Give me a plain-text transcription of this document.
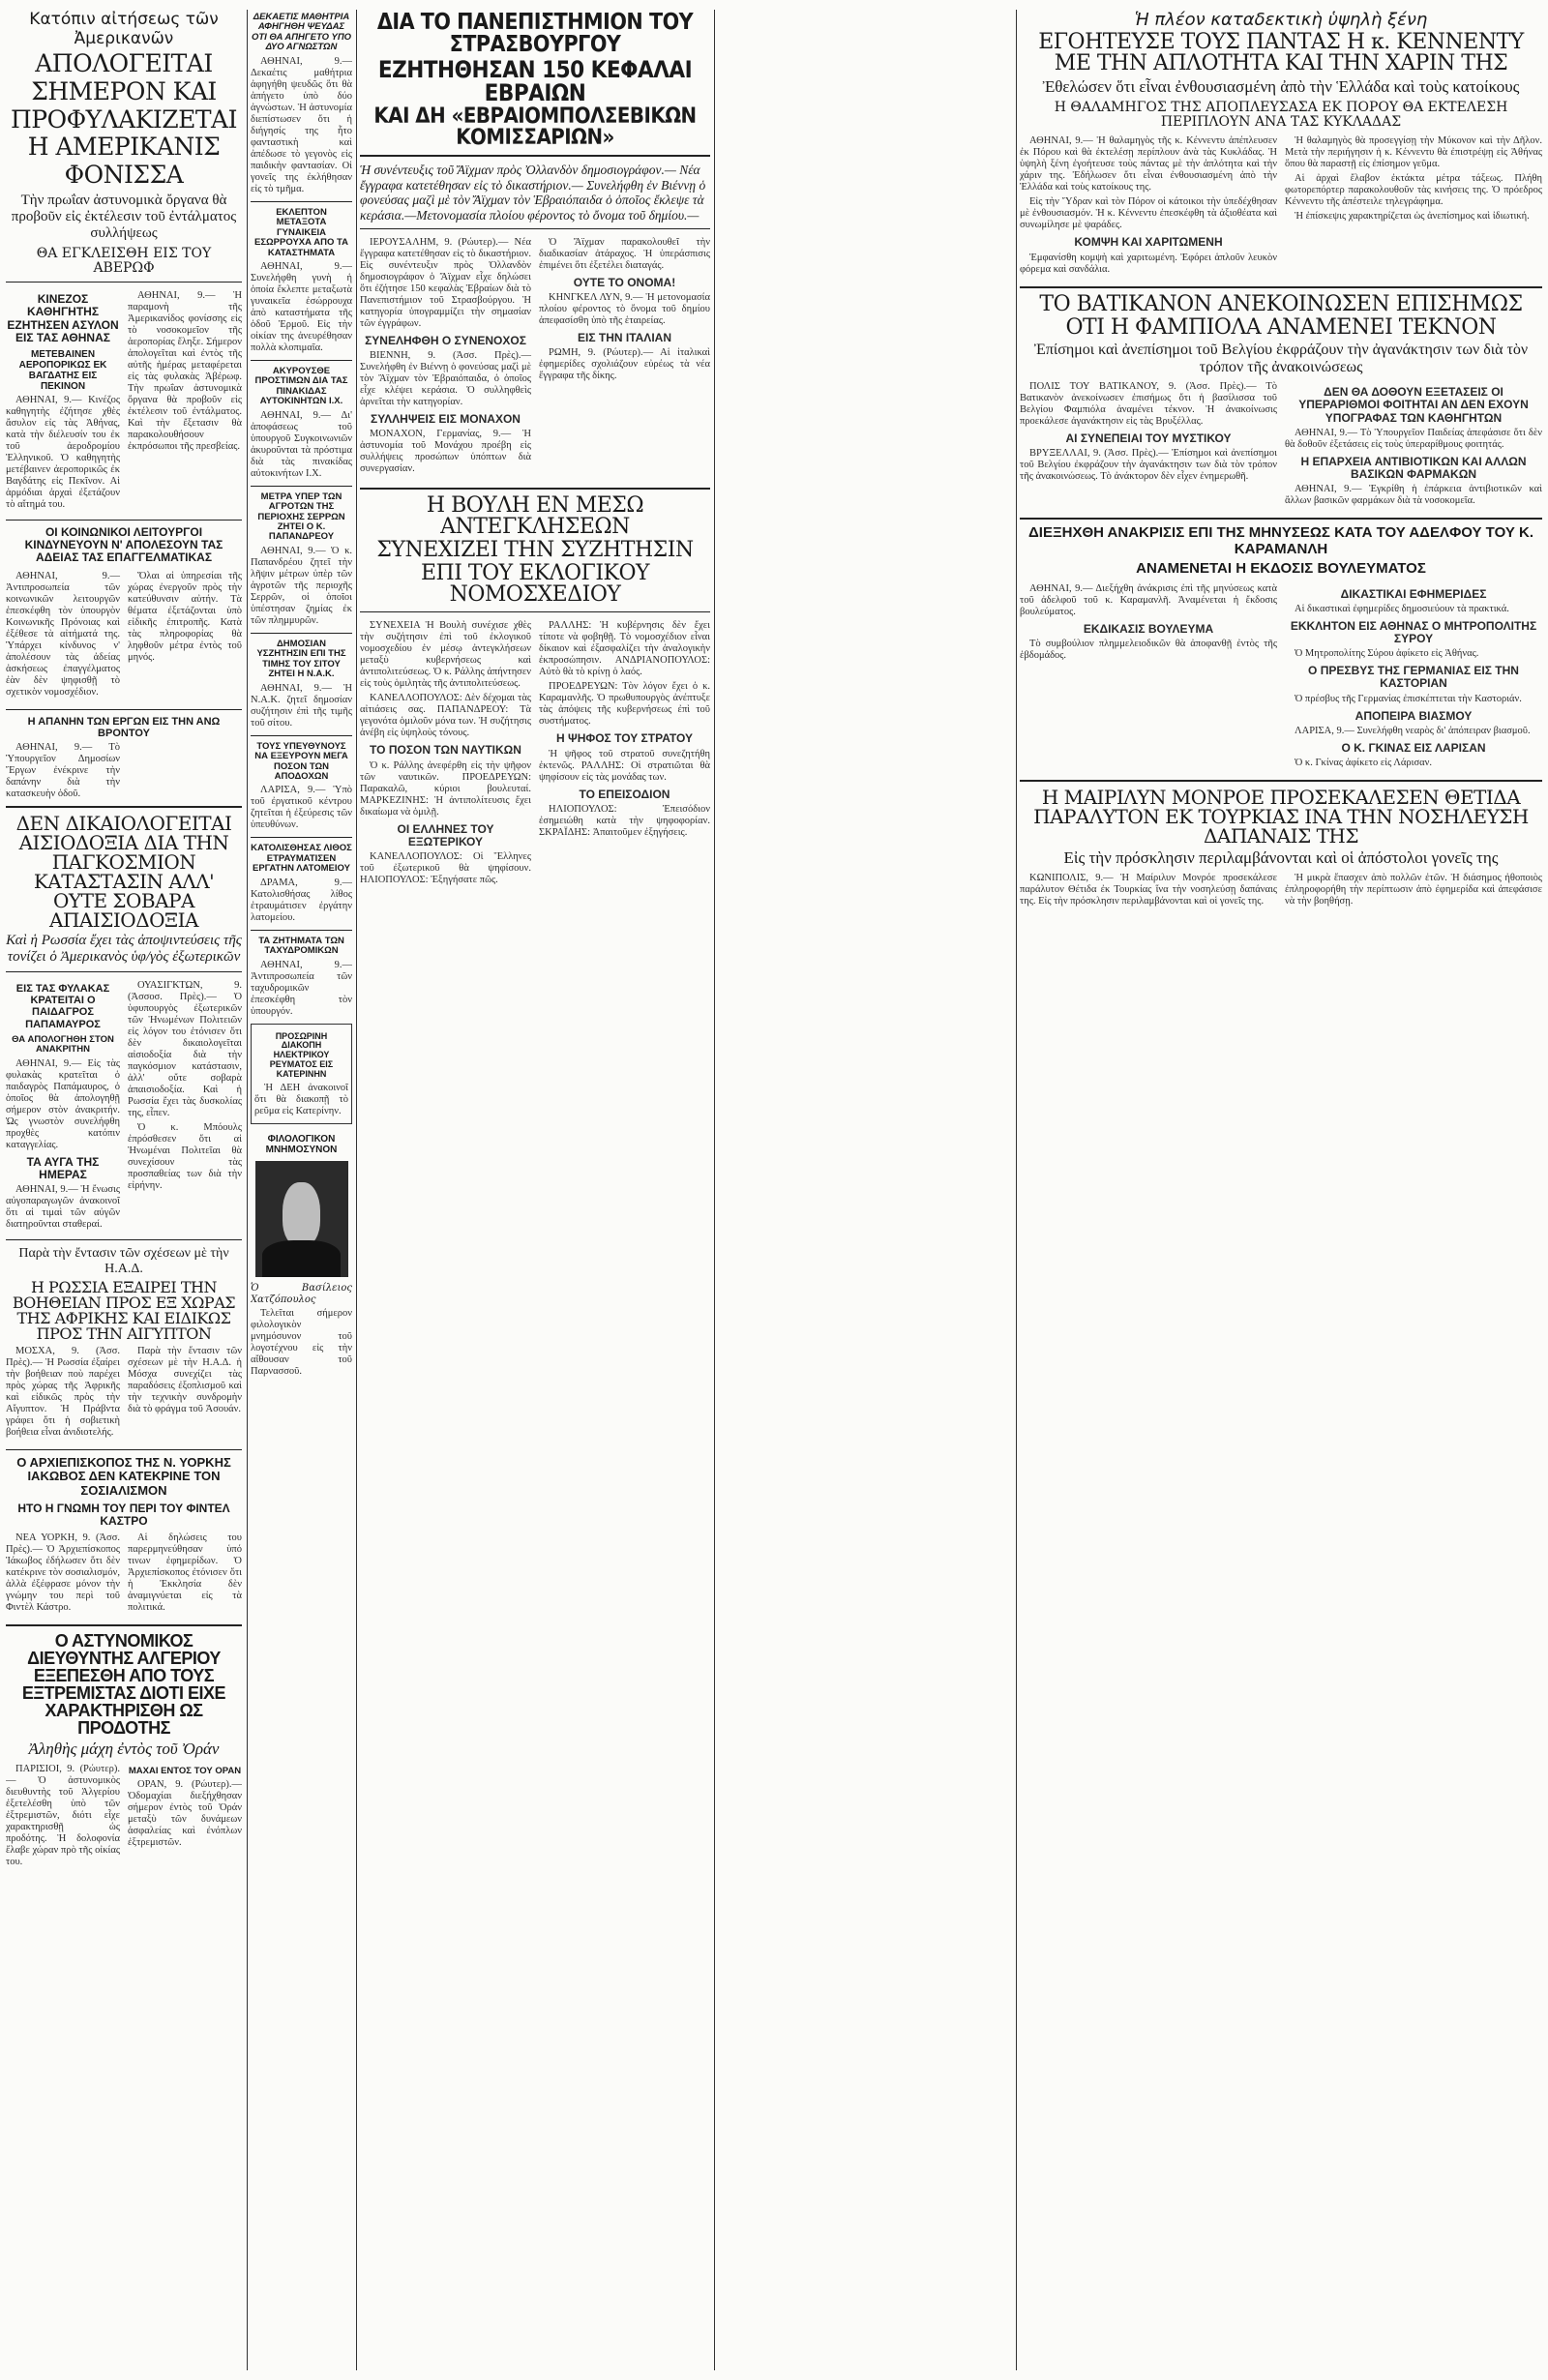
Κατόπιν αἰτήσεως τῶν Ἀμερικανῶν
ΑΠΟΛΟΓΕΙΤΑΙ ΣΗΜΕΡΟΝ ΚΑΙ ΠΡΟΦΥΛΑΚΙΖΕΤΑΙ Η ΑΜΕΡΙΚΑΝΙΣ ΦΟΝΙΣΣΑ
Τὴν πρωΐαν ἀστυνομικὰ ὄργανα θὰ προβοῦν εἰς ἐκτέλεσιν τοῦ ἐντάλματος συλλήψεως
ΘΑ ΕΓΚΛΕΙΣΘΗ ΕΙΣ ΤΟΥ ΑΒΕΡΩΦ
ΚΙΝΕΖΟΣ ΚΑΘΗΓΗΤΗΣ ΕΖΗΤΗΣΕΝ ΑΣΥΛΟΝ ΕΙΣ ΤΑΣ ΑΘΗΝΑΣ
ΜΕΤΕΒΑΙΝΕΝ ΑΕΡΟΠΟΡΙΚΩΣ ΕΚ ΒΑΓΔΑΤΗΣ ΕΙΣ ΠΕΚΙΝΟΝ

ΑΘΗΝΑΙ, 9.— Κινέζος καθηγητὴς ἐζήτησε χθὲς ἄσυλον εἰς τὰς Ἀθήνας, κατὰ τὴν διέλευσίν του ἐκ τοῦ ἀεροδρομίου Ἑλληνικοῦ. Ὁ καθηγητὴς μετέβαινεν ἀεροπορικῶς ἐκ Βαγδάτης εἰς Πεκῖνον. Αἱ ἁρμόδιαι ἀρχαὶ ἐξετάζουν τὸ αἴτημά του.

ΑΘΗΝΑΙ, 9.— Ἡ παραμονὴ τῆς Ἀμερικανίδος φονίσσης εἰς τὸ νοσοκομεῖον τῆς ἀεροπορίας ἔληξε. Σήμερον ἀπολογεῖται καὶ ἐντὸς τῆς αὐτῆς ἡμέρας μεταφέρεται εἰς τὰς φυλακὰς Ἀβέρωφ. Τὴν πρωΐαν ἀστυνομικὰ ὄργανα θὰ προβοῦν εἰς ἐκτέλεσιν τοῦ ἐντάλματος. Καὶ τὴν ἔξετασιν θὰ παρακολουθήσουν ἐκπρόσωποι τῆς πρεσβείας.

ΟΙ ΚΟΙΝΩΝΙΚΟΙ ΛΕΙΤΟΥΡΓΟΙ ΚΙΝΔΥΝΕΥΟΥΝ Ν' ΑΠΟΛΕΣΟΥΝ ΤΑΣ ΑΔΕΙΑΣ ΤΑΣ ΕΠΑΓΓΕΛΜΑΤΙΚΑΣ

ΑΘΗΝΑΙ, 9.— Ἀντιπροσωπεία τῶν κοινωνικῶν λειτουργῶν ἐπεσκέφθη τὸν ὑπουργὸν Κοινωνικῆς Πρόνοιας καὶ ἐξέθεσε τὰ αἰτήματά της. Ὑπάρχει κίνδυνος ν' ἀπολέσουν τὰς ἀδείας ἀσκήσεως ἐπαγγέλματος ἐὰν δὲν ψηφισθῇ τὸ σχετικὸν νομοσχέδιον.

Ὅλαι αἱ ὑπηρεσίαι τῆς χώρας ἐνεργοῦν πρὸς τὴν κατεύθυνσιν αὐτήν. Τὰ θέματα ἐξετάζονται ὑπὸ εἰδικῆς ἐπιτροπῆς. Κατὰ τὰς πληροφορίας θὰ ληφθοῦν μέτρα ἐντὸς τοῦ μηνός.

Η ΑΠΑΝΗΝ ΤΩΝ ΕΡΓΩΝ ΕΙΣ ΤΗΝ ΑΝΩ ΒΡΟΝΤΟΥ

ΑΘΗΝΑΙ, 9.— Τὸ Ὑπουργεῖον Δημοσίων Ἔργων ἐνέκρινε τὴν δαπάνην διὰ τὴν κατασκευὴν ὁδοῦ.

ΔΕΝ ΔΙΚΑΙΟΛΟΓΕΙΤΑΙ ΑΙΣΙΟΔΟΞΙΑ ΔΙΑ ΤΗΝ ΠΑΓΚΟΣΜΙΟΝ ΚΑΤΑΣΤΑΣΙΝ ΑΛΛ' ΟΥΤΕ ΣΟΒΑΡΑ ΑΠΑΙΣΙΟΔΟΞΙΑ
Καὶ ἡ Ρωσσία ἔχει τὰς ἀποψιντεύσεις τῆς τονίζει ὁ Ἀμερικανὸς ὑφ/γὸς ἐξωτερικῶν
ΕΙΣ ΤΑΣ ΦΥΛΑΚΑΣ ΚΡΑΤΕΙΤΑΙ Ο ΠΑΙΔΑΓΡΟΣ ΠΑΠΑΜΑΥΡΟΣ
ΘΑ ΑΠΟΛΟΓΗΘΗ ΣΤΟΝ ΑΝΑΚΡΙΤΗΝ

ΑΘΗΝΑΙ, 9.— Εἰς τὰς φυλακὰς κρατεῖται ὁ παιδαγρὸς Παπάμαυρος, ὁ ὁποῖος θὰ ἀπολογηθῇ σήμερον στὸν ἀνακριτήν. Ὡς γνωστὸν συνελήφθη προχθὲς κατόπιν καταγγελίας.

ΤΑ ΑΥΓΑ ΤΗΣ ΗΜΕΡΑΣ

ΑΘΗΝΑΙ, 9.— Ἡ ἔνωσις αὐγοπαραγωγῶν ἀνακοινοῖ ὅτι αἱ τιμαὶ τῶν αὐγῶν διατηροῦνται σταθεραί.

ΟΥΑΣΙΓΚΤΩΝ, 9. (Ἀσσοσ. Πρὲς).— Ὁ ὑφυπουργὸς ἐξωτερικῶν τῶν Ἡνωμένων Πολιτειῶν εἰς λόγον του ἐτόνισεν ὅτι δὲν δικαιολογεῖται αἰσιοδοξία διὰ τὴν παγκόσμιον κατάστασιν, ἀλλ' οὔτε σοβαρὰ ἀπαισιοδοξία. Καὶ ἡ Ρωσσία ἔχει τὰς δυσκολίας της, εἶπεν.

Ὁ κ. Μπόουλς ἐπρόσθεσεν ὅτι αἱ Ἡνωμέναι Πολιτεῖαι θὰ συνεχίσουν τὰς προσπαθείας των διὰ τὴν εἰρήνην.

Παρὰ τὴν ἔντασιν τῶν σχέσεων μὲ τὴν Η.Α.Δ.
Η ΡΩΣΣΙΑ ΕΞΑΙΡΕΙ ΤΗΝ ΒΟΗΘΕΙΑΝ ΠΡΟΣ ΕΞ ΧΩΡΑΣ ΤΗΣ ΑΦΡΙΚΗΣ ΚΑΙ ΕΙΔΙΚΩΣ ΠΡΟΣ ΤΗΝ ΑΙΓΥΠΤΟΝ

ΜΟΣΧΑ, 9. (Ἀσσ. Πρὲς).— Ἡ Ρωσσία ἐξαίρει τὴν βοήθειαν ποὺ παρέχει πρὸς χώρας τῆς Ἀφρικῆς καὶ εἰδικῶς πρὸς τὴν Αἴγυπτον. Ἡ Πράβντα γράφει ὅτι ἡ σοβιετικὴ βοήθεια εἶναι ἀνιδιοτελής.

Παρὰ τὴν ἔντασιν τῶν σχέσεων μὲ τὴν Η.Α.Δ. ἡ Μόσχα συνεχίζει τὰς παραδόσεις ἐξοπλισμοῦ καὶ τὴν τεχνικὴν συνδρομὴν διὰ τὸ φράγμα τοῦ Ἀσουάν.

Ο ΑΡΧΙΕΠΙΣΚΟΠΟΣ ΤΗΣ Ν. ΥΟΡΚΗΣ ΙΑΚΩΒΟΣ ΔΕΝ ΚΑΤΕΚΡΙΝΕ ΤΟΝ ΣΟΣΙΑΛΙΣΜΟΝ
ΗΤΟ Η ΓΝΩΜΗ ΤΟΥ ΠΕΡΙ ΤΟΥ ΦΙΝΤΕΛ ΚΑΣΤΡΟ

ΝΕΑ ΥΟΡΚΗ, 9. (Ἀσσ. Πρὲς).— Ὁ Ἀρχιεπίσκοπος Ἰάκωβος ἐδήλωσεν ὅτι δὲν κατέκρινε τὸν σοσιαλισμόν, ἀλλὰ ἐξέφρασε μόνον τὴν γνώμην του περὶ τοῦ Φιντὲλ Κάστρο.

Αἱ δηλώσεις του παρερμηνεύθησαν ὑπό τινων ἐφημερίδων. Ὁ Ἀρχιεπίσκοπος ἐτόνισεν ὅτι ἡ Ἐκκλησία δὲν ἀναμιγνύεται εἰς τὰ πολιτικά.

Ο ΑΣΤΥΝΟΜΙΚΟΣ ΔΙΕΥΘΥΝΤΗΣ ΑΛΓΕΡΙΟΥ ΕΞΕΠΕΣΘΗ ΑΠΟ ΤΟΥΣ ΕΞΤΡΕΜΙΣΤΑΣ ΔΙΟΤΙ ΕΙΧΕ ΧΑΡΑΚΤΗΡΙΣΘΗ ΩΣ ΠΡΟΔΟΤΗΣ
Ἀληθὴς μάχη ἐντὸς τοῦ Ὀράν

ΠΑΡΙΣΙΟΙ, 9. (Ρώυτερ).— Ὁ ἀστυνομικὸς διευθυντὴς τοῦ Ἀλγερίου ἐξετελέσθη ὑπὸ τῶν ἐξτρεμιστῶν, διότι εἶχε χαρακτηρισθῇ ὡς προδότης. Ἡ δολοφονία ἔλαβε χώραν πρὸ τῆς οἰκίας του.

ΜΑΧΑΙ ΕΝΤΟΣ ΤΟΥ ΟΡΑΝ

ΟΡΑΝ, 9. (Ρώυτερ).— Ὁδομαχίαι διεξήχθησαν σήμερον ἐντὸς τοῦ Ὀράν μεταξὺ τῶν δυνάμεων ἀσφαλείας καὶ ἐνόπλων ἐξτρεμιστῶν.

ΔΕΚΑΕΤΙΣ ΜΑΘΗΤΡΙΑ ΑΦΗΓΗΘΗ ΨΕΥΔΑΣ ΟΤΙ ΘΑ ΑΠΗΓΕΤΟ ΥΠΟ ΔΥΟ ΑΓΝΩΣΤΩΝ

ΑΘΗΝΑΙ, 9.— Δεκαέτις μαθήτρια ἀφηγήθη ψευδῶς ὅτι θὰ ἀπήγετο ὑπὸ δύο ἀγνώστων. Ἡ ἀστυνομία διεπίστωσεν ὅτι ἡ διήγησίς της ἦτο φανταστικὴ καὶ ἀπέδωσε τὸ γεγονὸς εἰς παιδικὴν φαντασίαν. Οἱ γονεῖς της ἐκλήθησαν εἰς τὸ τμῆμα.

ΕΚΛΕΠΤΟΝ ΜΕΤΑΞΟΤΑ ΓΥΝΑΙΚΕΙΑ ΕΣΩΡΡΟΥΧΑ ΑΠΟ ΤΑ ΚΑΤΑΣΤΗΜΑΤΑ

ΑΘΗΝΑΙ, 9.— Συνελήφθη γυνὴ ἡ ὁποία ἔκλεπτε μεταξωτὰ γυναικεῖα ἐσώρρουχα ἀπὸ καταστήματα τῆς ὁδοῦ Ἑρμοῦ. Εἰς τὴν οἰκίαν της ἀνευρέθησαν πολλὰ κλοπιμαῖα.

ΑΚΥΡΟΥΣΘΕ ΠΡΟΣΤΙΜΩΝ ΔΙΑ ΤΑΣ ΠΙΝΑΚΙΔΑΣ ΑΥΤΟΚΙΝΗΤΩΝ Ι.Χ.

ΑΘΗΝΑΙ, 9.— Δι' ἀποφάσεως τοῦ ὑπουργοῦ Συγκοινωνιῶν ἀκυροῦνται τὰ πρόστιμα διὰ τὰς πινακίδας αὐτοκινήτων Ι.Χ.

ΜΕΤΡΑ ΥΠΕΡ ΤΩΝ ΑΓΡΟΤΩΝ ΤΗΣ ΠΕΡΙΟΧΗΣ ΣΕΡΡΩΝ ΖΗΤΕΙ Ο Κ. ΠΑΠΑΝΔΡΕΟΥ

ΑΘΗΝΑΙ, 9.— Ὁ κ. Παπανδρέου ζητεῖ τὴν λῆψιν μέτρων ὑπὲρ τῶν ἀγροτῶν τῆς περιοχῆς Σερρῶν, οἱ ὁποῖοι ὑπέστησαν ζημίας ἐκ τῶν πλημμυρῶν.

ΔΗΜΟΣΙΑΝ ΥΣΖΗΤΗΣΙΝ ΕΠΙ ΤΗΣ ΤΙΜΗΣ ΤΟΥ ΣΙΤΟΥ ΖΗΤΕΙ Η Ν.Α.Κ.

ΑΘΗΝΑΙ, 9.— Ἡ Ν.Α.Κ. ζητεῖ δημοσίαν συζήτησιν ἐπὶ τῆς τιμῆς τοῦ σίτου.

ΤΟΥΣ ΥΠΕΥΘΥΝΟΥΣ ΝΑ ΕΞΕΥΡΟΥΝ ΜΕΓΑ ΠΟΣΟΝ ΤΩΝ ΑΠΟΔΟΧΩΝ

ΛΑΡΙΣΑ, 9.— Ὑπὸ τοῦ ἐργατικοῦ κέντρου ζητεῖται ἡ ἐξεύρεσις τῶν ὑπευθύνων.

ΚΑΤΟΛΙΣΘΗΣΑΣ ΛΙΘΟΣ ΕΤΡΑΥΜΑΤΙΣΕΝ ΕΡΓΑΤΗΝ ΛΑΤΟΜΕΙΟΥ

ΔΡΑΜΑ, 9.— Κατολισθήσας λίθος ἐτραυμάτισεν ἐργάτην λατομείου.

ΤΑ ΖΗΤΗΜΑΤΑ ΤΩΝ ΤΑΧΥΔΡΟΜΙΚΩΝ

ΑΘΗΝΑΙ, 9.— Ἀντιπροσωπεία τῶν ταχυδρομικῶν ἐπεσκέφθη τὸν ὑπουργόν.

ΠΡΟΣΩΡΙΝΗ ΔΙΑΚΟΠΗ ΗΛΕΚΤΡΙΚΟΥ ΡΕΥΜΑΤΟΣ ΕΙΣ ΚΑΤΕΡΙΝΗΝ

Ἡ ΔΕΗ ἀνακοινοῖ ὅτι θὰ διακοπῇ τὸ ρεῦμα εἰς Κατερίνην.

ΦΙΛΟΛΟΓΙΚΟΝ ΜΝΗΜΟΣΥΝΟΝ
Ὁ Βασίλειος Χατζόπουλος

Τελεῖται σήμερον φιλολογικὸν μνημόσυνον τοῦ λογοτέχνου εἰς τὴν αἴθουσαν τοῦ Παρνασσοῦ.

ΔΙΑ ΤΟ ΠΑΝΕΠΙΣΤΗΜΙΟΝ ΤΟΥ ΣΤΡΑΣΒΟΥΡΓΟΥ
ΕΖΗΤΗΘΗΣΑΝ 150 ΚΕΦΑΛΑΙ ΕΒΡΑΙΩΝ
ΚΑΙ ΔΗ «ΕΒΡΑΙΟΜΠΟΛΣΕΒΙΚΩΝ ΚΟΜΙΣΣΑΡΙΩΝ»
Ἡ συνέντευξις τοῦ Ἄϊχμαν πρὸς Ὀλλανδὸν δημοσιογράφον.— Νέα ἔγγραφα κατετέθησαν εἰς τὸ δικαστήριον.— Συνελήφθη ἐν Βιέννῃ ὁ φονεύσας μαζὶ μὲ τὸν Ἄϊχμαν τὸν Ἑβραιόπαιδα ὁ ὁποῖος ἔκλεψε τὰ κεράσια.—Μετονομασία πλοίου φέροντος τὸ ὄνομα τοῦ δημίου.—

ΙΕΡΟΥΣΑΛΗΜ, 9. (Ρώυτερ).— Νέα ἔγγραφα κατετέθησαν εἰς τὸ δικαστήριον. Εἰς συνέντευξιν πρὸς Ὀλλανδὸν δημοσιογράφον ὁ Ἄϊχμαν εἶχε δηλώσει ὅτι ἐζήτησε 150 κεφαλὰς Ἑβραίων διὰ τὸ Πανεπιστήμιον τοῦ Στρασβούργου. Ἡ κατηγορία ὑπογραμμίζει τὴν σημασίαν τῶν ἐγγράφων.

ΣΥΝΕΛΗΦΘΗ Ο ΣΥΝΕΝΟΧΟΣ

ΒΙΕΝΝΗ, 9. (Ἀσσ. Πρὲς).— Συνελήφθη ἐν Βιέννῃ ὁ φονεύσας μαζὶ μὲ τὸν Ἄϊχμαν τὸν Ἑβραιόπαιδα, ὁ ὁποῖος εἶχε κλέψει κεράσια. Ὁ συλληφθεὶς ἀρνεῖται τὴν κατηγορίαν.

ΣΥΛΛΗΨΕΙΣ ΕΙΣ ΜΟΝΑΧΟΝ

ΜΟΝΑΧΟΝ, Γερμανίας, 9.— Ἡ ἀστυνομία τοῦ Μονάχου προέβη εἰς συλλήψεις προσώπων ὑπόπτων διὰ συνεργασίαν.

Ὁ Ἄϊχμαν παρακολουθεῖ τὴν διαδικασίαν ἀτάραχος. Ἡ ὑπεράσπισις ἐπιμένει ὅτι ἐξετέλει διαταγάς.

ΟΥΤΕ ΤΟ ΟΝΟΜΑ!

ΚΗΝΓΚΕΛ ΛΥΝ, 9.— Ἡ μετονομασία πλοίου φέροντος τὸ ὄνομα τοῦ δημίου ἀπεφασίσθη ὑπὸ τῆς ἑταιρείας.

ΕΙΣ ΤΗΝ ΙΤΑΛΙΑΝ

ΡΩΜΗ, 9. (Ρώυτερ).— Αἱ ἰταλικαὶ ἐφημερίδες σχολιάζουν εὐρέως τὰ νέα ἔγγραφα τῆς δίκης.

Η ΒΟΥΛΗ ΕΝ ΜΕΣΩ ΑΝΤΕΓΚΛΗΣΕΩΝ
ΣΥΝΕΧΙΖΕΙ ΤΗΝ ΣΥΖΗΤΗΣΙΝ
ΕΠΙ ΤΟΥ ΕΚΛΟΓΙΚΟΥ ΝΟΜΟΣΧΕΔΙΟΥ

ΣΥΝΕΧΕΙΑ Ἡ Βουλὴ συνέχισε χθὲς τὴν συζήτησιν ἐπὶ τοῦ ἐκλογικοῦ νομοσχεδίου ἐν μέσῳ ἀντεγκλήσεων μεταξὺ κυβερνήσεως καὶ ἀντιπολιτεύσεως. Ὁ κ. Ράλλης ἀπήντησεν εἰς τοὺς ὁμιλητὰς τῆς ἀντιπολιτεύσεως.

ΚΑΝΕΛΛΟΠΟΥΛΟΣ: Δὲν δέχομαι τὰς αἰτιάσεις σας. ΠΑΠΑΝΔΡΕΟΥ: Τὰ γεγονότα ὁμιλοῦν μόνα των. Ἡ συζήτησις ἀνέβη εἰς ὑψηλοὺς τόνους.

ΤΟ ΠΟΣΟΝ ΤΩΝ ΝΑΥΤΙΚΩΝ

Ὁ κ. Ράλλης ἀνεφέρθη εἰς τὴν ψῆφον τῶν ναυτικῶν. ΠΡΟΕΔΡΕΥΩΝ: Παρακαλῶ, κύριοι βουλευταί. ΜΑΡΚΕΖΙΝΗΣ: Ἡ ἀντιπολίτευσις ἔχει δικαίωμα νὰ ὁμιλῇ.

ΟΙ ΕΛΛΗΝΕΣ ΤΟΥ ΕΞΩΤΕΡΙΚΟΥ

ΚΑΝΕΛΛΟΠΟΥΛΟΣ: Οἱ Ἕλληνες τοῦ ἐξωτερικοῦ θὰ ψηφίσουν. ΗΛΙΟΠΟΥΛΟΣ: Ἐξηγήσατε πῶς.

ΡΑΛΛΗΣ: Ἡ κυβέρνησις δὲν ἔχει τίποτε νὰ φοβηθῇ. Τὸ νομοσχέδιον εἶναι δίκαιον καὶ ἐξασφαλίζει τὴν ἀναλογικὴν ἐκπροσώπησιν. ΑΝΔΡΙΑΝΟΠΟΥΛΟΣ: Αὐτὸ θὰ τὸ κρίνῃ ὁ λαός.

ΠΡΟΕΔΡΕΥΩΝ: Τὸν λόγον ἔχει ὁ κ. Καραμανλῆς. Ὁ πρωθυπουργὸς ἀνέπτυξε τὰς ἀπόψεις τῆς κυβερνήσεως ἐπὶ τοῦ συστήματος.

Η ΨΗΦΟΣ ΤΟΥ ΣΤΡΑΤΟΥ

Ἡ ψῆφος τοῦ στρατοῦ συνεζητήθη ἐκτενῶς. ΡΑΛΛΗΣ: Οἱ στρατιῶται θὰ ψηφίσουν εἰς τὰς μονάδας των.

ΤΟ ΕΠΕΙΣΟΔΙΟΝ

ΗΛΙΟΠΟΥΛΟΣ: Ἐπεισόδιον ἐσημειώθη κατὰ τὴν ψηφοφορίαν. ΣΚΡΑΪΔΗΣ: Ἀπαιτοῦμεν ἐξηγήσεις.

Ἡ πλέον καταδεκτικὴ ὑψηλὴ ξένη
ΕΓΟΗΤΕΥΣΕ ΤΟΥΣ ΠΑΝΤΑΣ Η κ. ΚΕΝΝΕΝΤΥ ΜΕ ΤΗΝ ΑΠΛΟΤΗΤΑ ΚΑΙ ΤΗΝ ΧΑΡΙΝ ΤΗΣ
Ἐθελώσεν ὅτι εἶναι ἐνθουσιασμένη ἀπὸ τὴν Ἑλλάδα καὶ τοὺς κατοίκους
Η ΘΑΛΑΜΗΓΟΣ ΤΗΣ ΑΠΟΠΛΕΥΣΑΣΑ ΕΚ ΠΟΡΟΥ ΘΑ ΕΚΤΕΛΕΣΗ ΠΕΡΙΠΛΟΥΝ ΑΝΑ ΤΑΣ ΚΥΚΛΑΔΑΣ

ΑΘΗΝΑΙ, 9.— Ἡ θαλαμηγὸς τῆς κ. Κέννεντυ ἀπέπλευσεν ἐκ Πόρου καὶ θὰ ἐκτελέσῃ περίπλουν ἀνὰ τὰς Κυκλάδας. Ἡ ὑψηλὴ ξένη ἐγοήτευσε τοὺς πάντας μὲ τὴν ἁπλότητα καὶ τὴν χάριν της. Ἐδήλωσεν ὅτι εἶναι ἐνθουσιασμένη ἀπὸ τὴν Ἑλλάδα καὶ τοὺς κατοίκους της.

Εἰς τὴν Ὕδραν καὶ τὸν Πόρον οἱ κάτοικοι τὴν ὑπεδέχθησαν μὲ ἐνθουσιασμόν. Ἡ κ. Κέννεντυ ἐπεσκέφθη τὰ ἀξιοθέατα καὶ συνωμίλησε μὲ ψαράδες.

ΚΟΜΨΗ ΚΑΙ ΧΑΡΙΤΩΜΕΝΗ

Ἐμφανίσθη κομψὴ καὶ χαριτωμένη. Ἐφόρει ἁπλοῦν λευκὸν φόρεμα καὶ σανδάλια.

Ἡ θαλαμηγὸς θὰ προσεγγίσῃ τὴν Μύκονον καὶ τὴν Δῆλον. Μετὰ τὴν περιήγησιν ἡ κ. Κέννεντυ θὰ ἐπιστρέψῃ εἰς Ἀθήνας ὅπου θὰ παραστῇ εἰς ἐπίσημον γεῦμα.

Αἱ ἀρχαὶ ἔλαβον ἐκτάκτα μέτρα τάξεως. Πλήθη φωτορεπόρτερ παρακολουθοῦν τὰς κινήσεις της. Ὁ πρόεδρος Κέννεντυ τῆς ἀπέστειλε τηλεγράφημα.

Ἡ ἐπίσκεψις χαρακτηρίζεται ὡς ἀνεπίσημος καὶ ἰδιωτική.

ΤΟ ΒΑΤΙΚΑΝΟΝ ΑΝΕΚΟΙΝΩΣΕΝ ΕΠΙΣΗΜΩΣ
ΟΤΙ Η ΦΑΜΠΙΟΛΑ ΑΝΑΜΕΝΕΙ ΤΕΚΝΟΝ
Ἐπίσημοι καὶ ἀνεπίσημοι τοῦ Βελγίου ἐκφράζουν τὴν ἀγανάκτησιν των διὰ τὸν τρόπον τῆς ἀνακοινώσεως

ΠΟΛΙΣ ΤΟΥ ΒΑΤΙΚΑΝΟΥ, 9. (Ἀσσ. Πρὲς).— Τὸ Βατικανὸν ἀνεκοίνωσεν ἐπισήμως ὅτι ἡ βασίλισσα τοῦ Βελγίου Φαμπιόλα ἀναμένει τέκνον. Ἡ ἀνακοίνωσις προεκάλεσε ἀγανάκτησιν εἰς τὰς Βρυξέλλας.

ΑΙ ΣΥΝΕΠΕΙΑΙ ΤΟΥ ΜΥΣΤΙΚΟΥ

ΒΡΥΞΕΛΛΑΙ, 9. (Ἀσσ. Πρὲς).— Ἐπίσημοι καὶ ἀνεπίσημοι τοῦ Βελγίου ἐκφράζουν τὴν ἀγανάκτησιν των διὰ τὸν τρόπον τῆς ἀνακοινώσεως. Τὸ ἀνάκτορον δὲν εἶχεν ἐνημερωθῆ.

ΔΕΝ ΘΑ ΔΟΘΟΥΝ ΕΞΕΤΑΣΕΙΣ ΟΙ ΥΠΕΡΑΡΙΘΜΟΙ ΦΟΙΤΗΤΑΙ ΑΝ ΔΕΝ ΕΧΟΥΝ ΥΠΟΓΡΑΦΑΣ ΤΩΝ ΚΑΘΗΓΗΤΩΝ

ΑΘΗΝΑΙ, 9.— Τὸ Ὑπουργεῖον Παιδείας ἀπεφάσισε ὅτι δὲν θὰ δοθοῦν ἐξετάσεις εἰς τοὺς ὑπεραρίθμους φοιτητάς.

Η ΕΠΑΡΧΕΙΑ ΑΝΤΙΒΙΟΤΙΚΩΝ ΚΑΙ ΑΛΛΩΝ ΒΑΣΙΚΩΝ ΦΑΡΜΑΚΩΝ

ΑΘΗΝΑΙ, 9.— Ἐγκρίθη ἡ ἐπάρκεια ἀντιβιοτικῶν καὶ ἄλλων βασικῶν φαρμάκων διὰ τὰ νοσοκομεῖα.

ΔΙΕΞΗΧΘΗ ΑΝΑΚΡΙΣΙΣ ΕΠΙ ΤΗΣ ΜΗΝΥΣΕΩΣ ΚΑΤΑ ΤΟΥ ΑΔΕΛΦΟΥ ΤΟΥ Κ. ΚΑΡΑΜΑΝΛΗ
ΑΝΑΜΕΝΕΤΑΙ Η ΕΚΔΟΣΙΣ ΒΟΥΛΕΥΜΑΤΟΣ

ΑΘΗΝΑΙ, 9.— Διεξήχθη ἀνάκρισις ἐπὶ τῆς μηνύσεως κατὰ τοῦ ἀδελφοῦ τοῦ κ. Καραμανλῆ. Ἀναμένεται ἡ ἔκδοσις βουλεύματος.

ΕΚΔΙΚΑΣΙΣ ΒΟΥΛΕΥΜΑ

Τὸ συμβούλιον πλημμελειοδικῶν θὰ ἀποφανθῇ ἐντὸς τῆς ἑβδομάδος.

ΔΙΚΑΣΤΙΚΑΙ ΕΦΗΜΕΡΙΔΕΣ

Αἱ δικαστικαὶ ἐφημερίδες δημοσιεύουν τὰ πρακτικά.

ΕΚΚΛΗΤΟΝ ΕΙΣ ΑΘΗΝΑΣ Ο ΜΗΤΡΟΠΟΛΙΤΗΣ ΣΥΡΟΥ

Ὁ Μητροπολίτης Σύρου ἀφίκετο εἰς Ἀθήνας.

Ο ΠΡΕΣΒΥΣ ΤΗΣ ΓΕΡΜΑΝΙΑΣ ΕΙΣ ΤΗΝ ΚΑΣΤΟΡΙΑΝ

Ὁ πρέσβυς τῆς Γερμανίας ἐπισκέπτεται τὴν Καστοριάν.

ΑΠΟΠΕΙΡΑ ΒΙΑΣΜΟΥ

ΛΑΡΙΣΑ, 9.— Συνελήφθη νεαρὸς δι' ἀπόπειραν βιασμοῦ.

Ο Κ. ΓΚΙΝΑΣ ΕΙΣ ΛΑΡΙΣΑΝ

Ὁ κ. Γκίνας ἀφίκετο εἰς Λάρισαν.

Η ΜΑΙΡΙΛΥΝ ΜΟΝΡΟΕ ΠΡΟΣΕΚΑΛΕΣΕΝ ΘΕΤΙΔΑ ΠΑΡΑΛΥΤΟΝ ΕΚ ΤΟΥΡΚΙΑΣ ΙΝΑ ΤΗΝ ΝΟΣΗΛΕΥΣΗ ΔΑΠΑΝΑΙΣ ΤΗΣ
Εἰς τὴν πρόσκλησιν περιλαμβάνονται καὶ οἱ ἀπόστολοι γονεῖς της

ΚΩΝΙΠΟΛΙΣ, 9.— Ἡ Μαίριλυν Μονρόε προσεκάλεσε παράλυτον Θέτιδα ἐκ Τουρκίας ἵνα τὴν νοσηλεύσῃ δαπάναις της. Εἰς τὴν πρόσκλησιν περιλαμβάνονται καὶ οἱ γονεῖς της.

Ἡ μικρὰ ἔπασχεν ἀπὸ πολλῶν ἐτῶν. Ἡ διάσημος ἠθοποιὸς ἐπληροφορήθη τὴν περίπτωσιν ἀπὸ ἐφημερίδα καὶ ἀπεφάσισε νὰ τὴν βοηθήσῃ.
